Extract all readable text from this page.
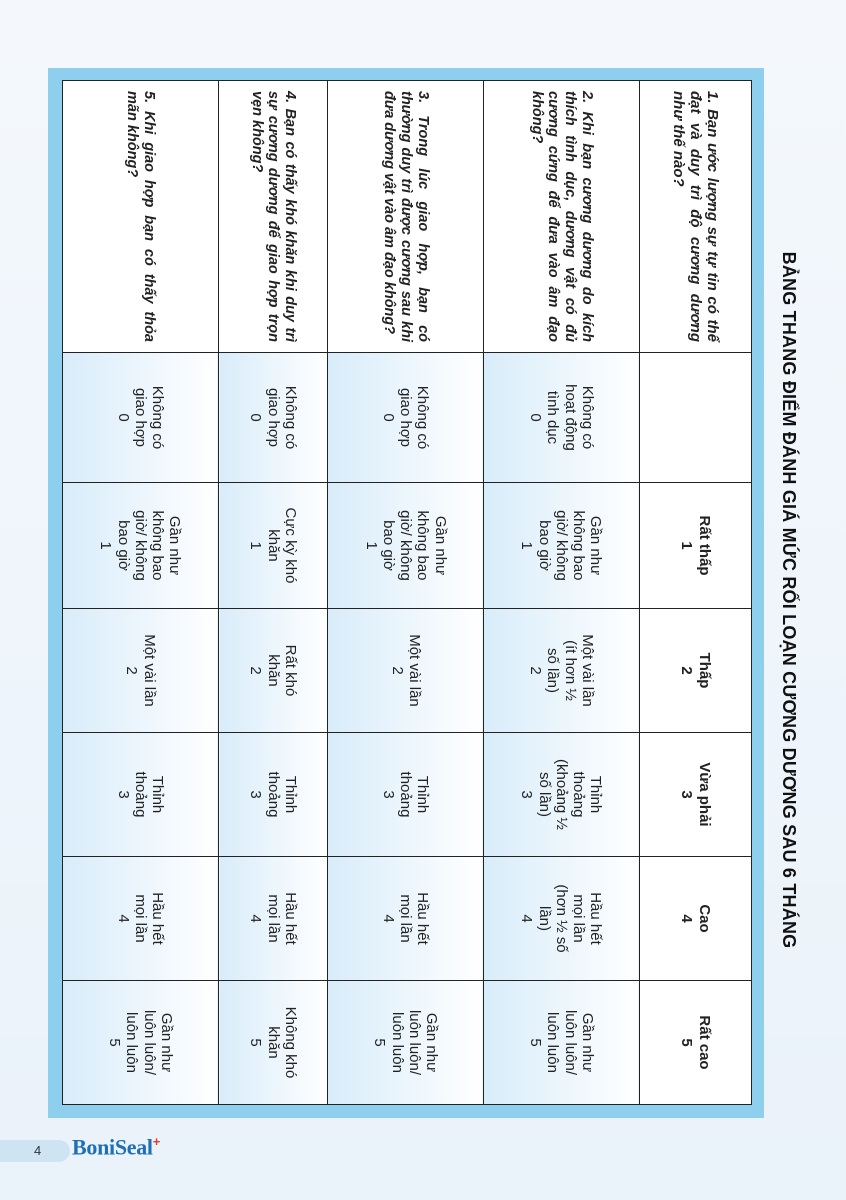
BẢNG THANG ĐIỂM ĐÁNH GIÁ MỨC RỐI LOẠN CƯƠNG DƯƠNG SAU 6 THÁNG
1. Bạn ước lượng sự tự tin có thể đạt và duy trì độ cương dương như thế nào?		Rất thấp
1	Thấp
2	Vừa phải
3	Cao
4	Rất cao
5
2. Khi bạn cương dương do kích thích tình dục, dương vật có đủ cương cứng để đưa vào âm đạo không?	Không có
hoạt động
tình dục
0	Gần như
không bao
giờ/ không
bao giờ
1	Một vài lần
(ít hơn ½
số lần)
2	Thỉnh
thoảng
(khoảng ½
số lần)
3	Hầu hết
mọi lần
(hơn ½ số
lần)
4	Gần như
luôn luôn/
luôn luôn
5
3. Trong lúc giao hợp, bạn có thường duy trì được cương sau khi đưa dương vật vào âm đạo không?	Không có
giao hợp
0	Gần như
không bao
giờ/ không
bao giờ
1	Một vài lần
2	Thỉnh
thoảng
3	Hầu hết
mọi lần
4	Gần như
luôn luôn/
luôn luôn
5
4. Bạn có thấy khó khăn khi duy trì sự cương dương để giao hợp trọn vẹn không?	Không có
giao hợp
0	Cực kỳ khó
khăn
1	Rất khó
khăn
2	Thỉnh
thoảng
3	Hầu hết
mọi lần
4	Không khó
khăn
5
5. Khi giao hợp bạn có thấy thỏa mãn không?	Không có
giao hợp
0	Gần như
không bao
giờ/ không
bao giờ
1	Một vài lần
2	Thỉnh
thoảng
3	Hầu hết
mọi lần
4	Gần như
luôn luôn/
luôn luôn
5
4 BoniSeal+
